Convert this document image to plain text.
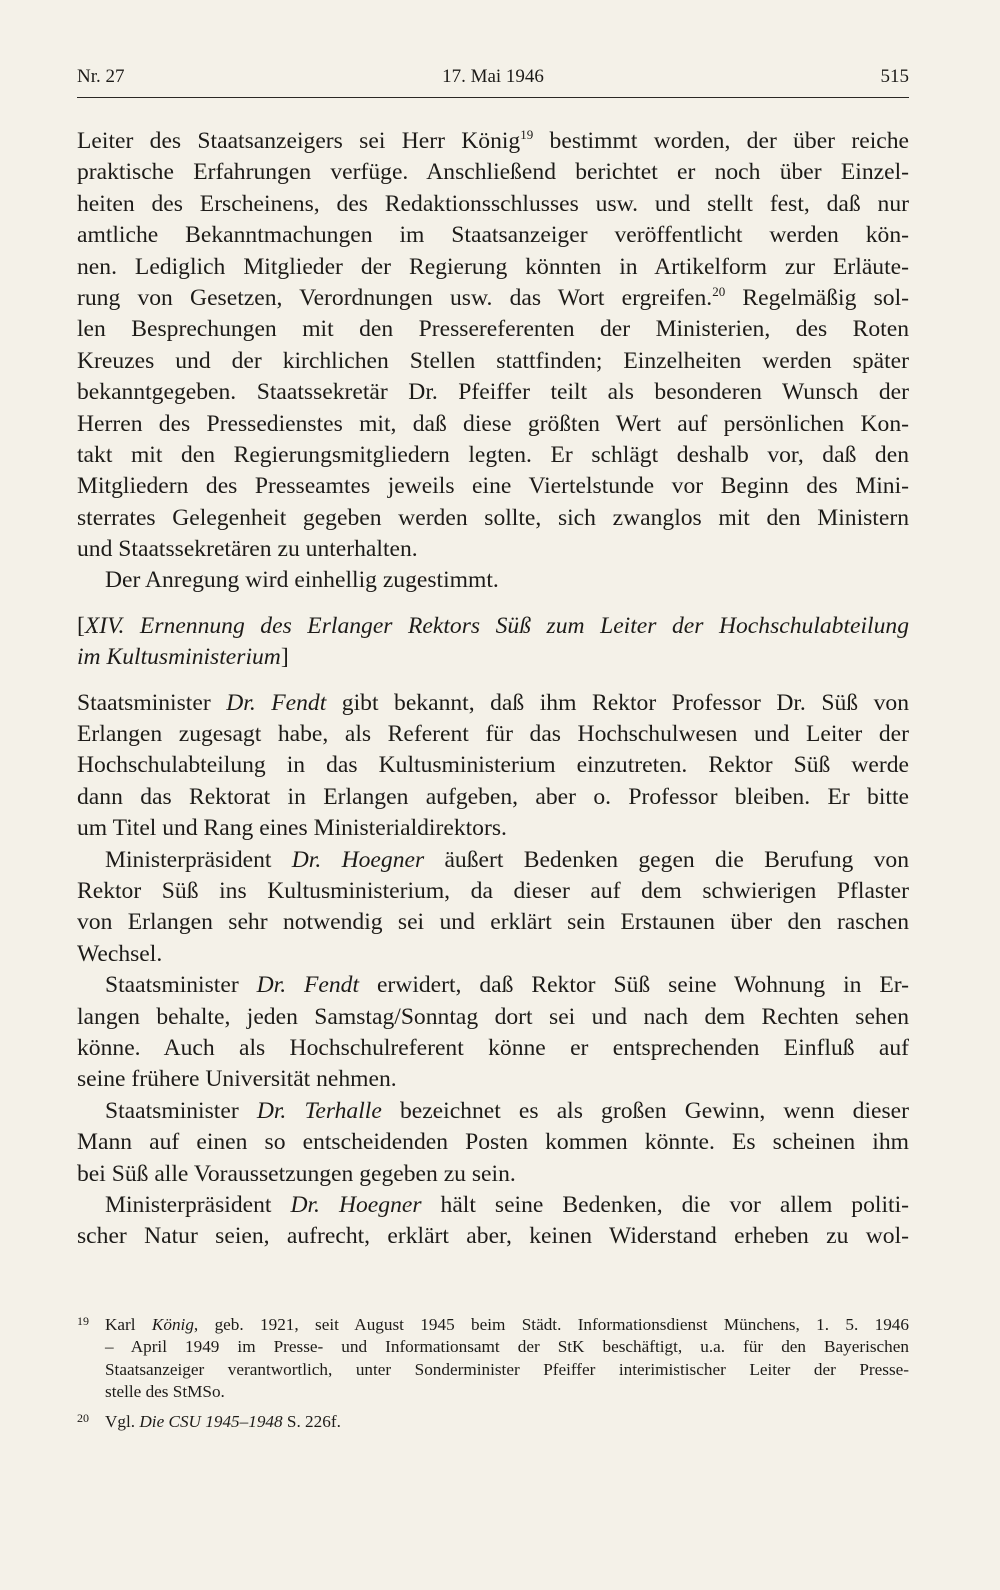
Nr. 27	17. Mai 1946	515
Leiter des Staatsanzeigers sei Herr König$^{19}$ bestimmt worden, der über reiche
praktische Erfahrungen verfüge. Anschließend berichtet er noch über Einzel-
heiten des Erscheinens, des Redaktionsschlusses usw. und stellt fest, daß nur
amtliche Bekanntmachungen im Staatsanzeiger veröffentlicht werden kön-
nen. Lediglich Mitglieder der Regierung könnten in Artikelform zur Erläute-
rung von Gesetzen, Verordnungen usw. das Wort ergreifen.$^{20}$ Regelmäßig sol-
len Besprechungen mit den Pressereferenten der Ministerien, des Roten
Kreuzes und der kirchlichen Stellen stattfinden; Einzelheiten werden später
bekanntgegeben. Staatssekretär Dr. Pfeiffer teilt als besonderen Wunsch der
Herren des Pressedienstes mit, daß diese größten Wert auf persönlichen Kon-
takt mit den Regierungsmitgliedern legten. Er schlägt deshalb vor, daß den
Mitgliedern des Presseamtes jeweils eine Viertelstunde vor Beginn des Mini-
sterrates Gelegenheit gegeben werden sollte, sich zwanglos mit den Ministern
und Staatssekretären zu unterhalten.
Der Anregung wird einhellig zugestimmt.
[XIV. Ernennung des Erlanger Rektors Süß zum Leiter der Hochschulabteilung
im Kultusministerium]
Staatsminister Dr. Fendt gibt bekannt, daß ihm Rektor Professor Dr. Süß von
Erlangen zugesagt habe, als Referent für das Hochschulwesen und Leiter der
Hochschulabteilung in das Kultusministerium einzutreten. Rektor Süß werde
dann das Rektorat in Erlangen aufgeben, aber o. Professor bleiben. Er bitte
um Titel und Rang eines Ministerialdirektors.
Ministerpräsident Dr. Hoegner äußert Bedenken gegen die Berufung von
Rektor Süß ins Kultusministerium, da dieser auf dem schwierigen Pflaster
von Erlangen sehr notwendig sei und erklärt sein Erstaunen über den raschen
Wechsel.
Staatsminister Dr. Fendt erwidert, daß Rektor Süß seine Wohnung in Er-
langen behalte, jeden Samstag/Sonntag dort sei und nach dem Rechten sehen
könne. Auch als Hochschulreferent könne er entsprechenden Einfluß auf
seine frühere Universität nehmen.
Staatsminister Dr. Terhalle bezeichnet es als großen Gewinn, wenn dieser
Mann auf einen so entscheidenden Posten kommen könnte. Es scheinen ihm
bei Süß alle Voraussetzungen gegeben zu sein.
Ministerpräsident Dr. Hoegner hält seine Bedenken, die vor allem politi-
scher Natur seien, aufrecht, erklärt aber, keinen Widerstand erheben zu wol-
19 Karl König, geb. 1921, seit August 1945 beim Städt. Informationsdienst Münchens, 1. 5. 1946
– April 1949 im Presse- und Informationsamt der StK beschäftigt, u.a. für den Bayerischen
Staatsanzeiger verantwortlich, unter Sonderminister Pfeiffer interimistischer Leiter der Presse-
stelle des StMSo.
20 Vgl. Die CSU 1945–1948 S. 226f.
